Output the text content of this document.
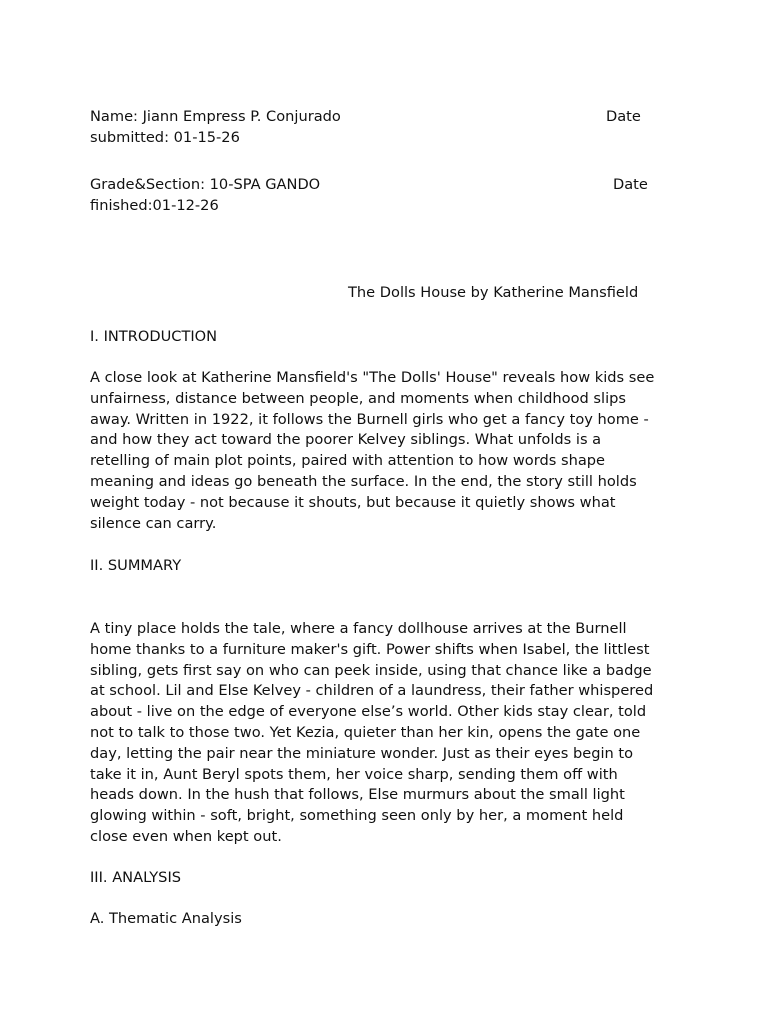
Name: Jiann Empress P. Conjurado	Date
submitted: 01-15-26
Grade&Section: 10-SPA GANDO	Date
finished:01-12-26
The Dolls House by Katherine Mansfield
I. INTRODUCTION
A close look at Katherine Mansfield's "The Dolls' House" reveals how kids see
unfairness, distance between people, and moments when childhood slips
away. Written in 1922, it follows the Burnell girls who get a fancy toy home -
and how they act toward the poorer Kelvey siblings. What unfolds is a
retelling of main plot points, paired with attention to how words shape
meaning and ideas go beneath the surface. In the end, the story still holds
weight today - not because it shouts, but because it quietly shows what
silence can carry.
II. SUMMARY
A tiny place holds the tale, where a fancy dollhouse arrives at the Burnell
home thanks to a furniture maker's gift. Power shifts when Isabel, the littlest
sibling, gets first say on who can peek inside, using that chance like a badge
at school. Lil and Else Kelvey - children of a laundress, their father whispered
about - live on the edge of everyone else’s world. Other kids stay clear, told
not to talk to those two. Yet Kezia, quieter than her kin, opens the gate one
day, letting the pair near the miniature wonder. Just as their eyes begin to
take it in, Aunt Beryl spots them, her voice sharp, sending them off with
heads down. In the hush that follows, Else murmurs about the small light
glowing within - soft, bright, something seen only by her, a moment held
close even when kept out.
III. ANALYSIS
A. Thematic Analysis
